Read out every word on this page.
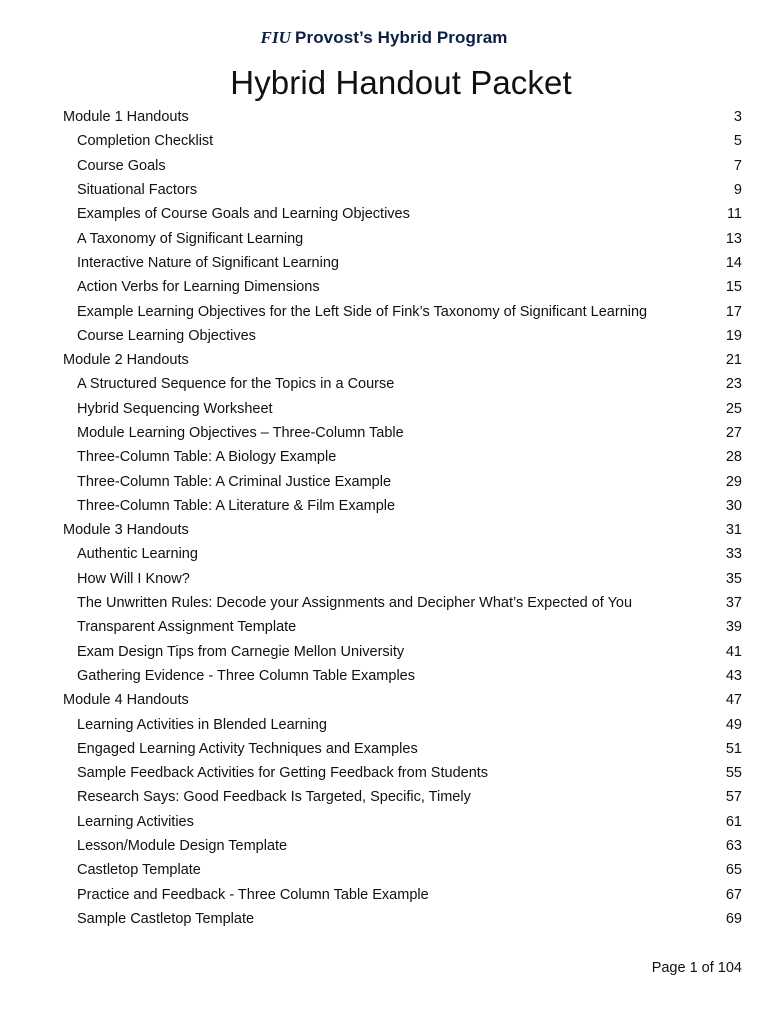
FIU Provost’s Hybrid Program
Hybrid Handout Packet
Module 1 Handouts	3
Completion Checklist	5
Course Goals	7
Situational Factors	9
Examples of Course Goals and Learning Objectives	11
A Taxonomy of Significant Learning	13
Interactive Nature of Significant Learning	14
Action Verbs for Learning Dimensions	15
Example Learning Objectives for the Left Side of Fink’s Taxonomy of Significant Learning	17
Course Learning Objectives	19
Module 2 Handouts	21
A Structured Sequence for the Topics in a Course	23
Hybrid Sequencing Worksheet	25
Module Learning Objectives – Three-Column Table	27
Three-Column Table: A Biology Example	28
Three-Column Table: A Criminal Justice Example	29
Three-Column Table: A Literature & Film Example	30
Module 3 Handouts	31
Authentic Learning	33
How Will I Know?	35
The Unwritten Rules: Decode your Assignments and Decipher What’s Expected of You	37
Transparent Assignment Template	39
Exam Design Tips from Carnegie Mellon University	41
Gathering Evidence - Three Column Table Examples	43
Module 4 Handouts	47
Learning Activities in Blended Learning	49
Engaged Learning Activity Techniques and Examples	51
Sample Feedback Activities for Getting Feedback from Students	55
Research Says: Good Feedback Is Targeted, Specific, Timely	57
Learning Activities	61
Lesson/Module Design Template	63
Castletop Template	65
Practice and Feedback - Three Column Table Example	67
Sample Castletop Template	69
Page 1 of 104
